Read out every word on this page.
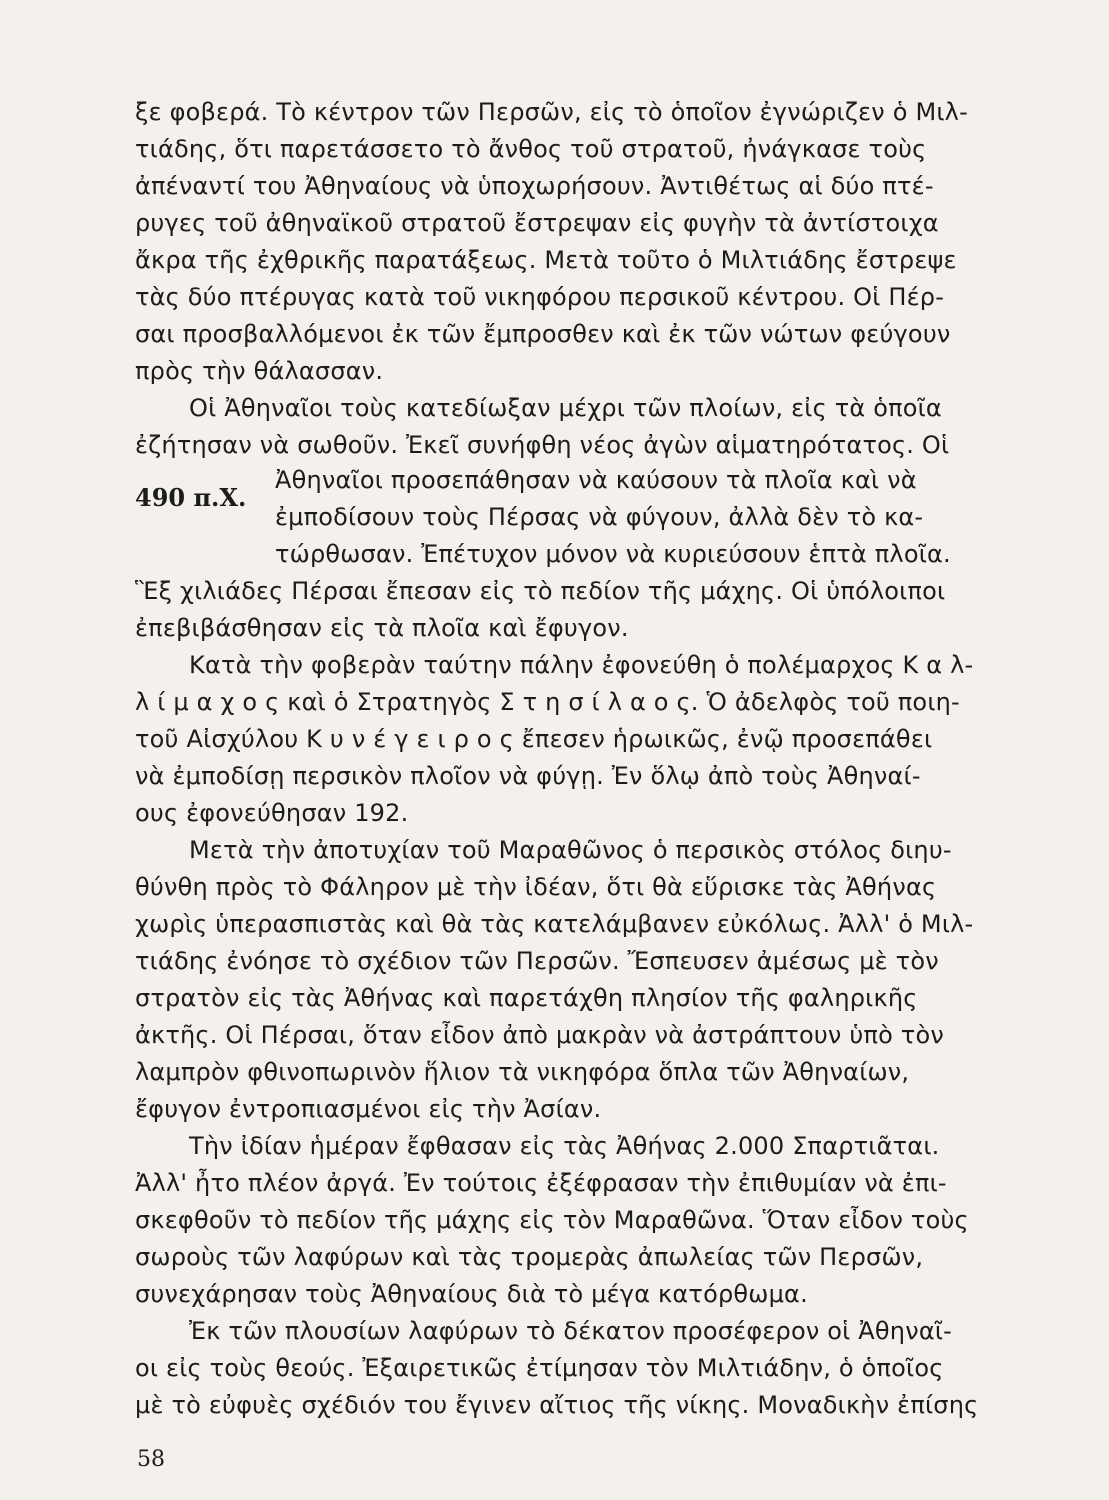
ξε φοβερά. Τὸ κέντρον τῶν Περσῶν, εἰς τὸ ὁποῖον ἐγνώριζεν ὁ Μιλ-
τιάδης, ὅτι παρετάσσετο τὸ ἄνθος τοῦ στρατοῦ, ἠνάγκασε τοὺς
ἀπέναντί του Ἀθηναίους νὰ ὑποχωρήσουν. Ἀντιθέτως αἱ δύο πτέ-
ρυγες τοῦ ἀθηναϊκοῦ στρατοῦ ἔστρεψαν εἰς φυγὴν τὰ ἀντίστοιχα
ἄκρα τῆς ἐχθρικῆς παρατάξεως. Μετὰ τοῦτο ὁ Μιλτιάδης ἔστρεψε
τὰς δύο πτέρυγας κατὰ τοῦ νικηφόρου περσικοῦ κέντρου. Οἱ Πέρ-
σαι προσβαλλόμενοι ἐκ τῶν ἔμπροσθεν καὶ ἐκ τῶν νώτων φεύγουν
πρὸς τὴν θάλασσαν.
Οἱ Ἀθηναῖοι τοὺς κατεδίωξαν μέχρι τῶν πλοίων, εἰς τὰ ὁποῖα
ἐζήτησαν νὰ σωθοῦν. Ἐκεῖ συνήφθη νέος ἀγὼν αἱματηρότατος. Οἱ
Ἀθηναῖοι προσεπάθησαν νὰ καύσουν τὰ πλοῖα καὶ νὰ
ἐμποδίσουν τοὺς Πέρσας νὰ φύγουν, ἀλλὰ δὲν τὸ κα-
τώρθωσαν. Ἐπέτυχον μόνον νὰ κυριεύσουν ἑπτὰ πλοῖα.
Ἓξ χιλιάδες Πέρσαι ἔπεσαν εἰς τὸ πεδίον τῆς μάχης. Οἱ ὑπόλοιποι
ἐπεβιβάσθησαν εἰς τὰ πλοῖα καὶ ἔφυγον.
Κατὰ τὴν φοβερὰν ταύτην πάλην ἐφονεύθη ὁ πολέμαρχος Κ α λ-
λ ί μ α χ ο ς καὶ ὁ Στρατηγὸς Σ τ η σ ί λ α ο ς. Ὁ ἀδελφὸς τοῦ ποιη-
τοῦ Αἰσχύλου Κ υ ν έ γ ε ι ρ ο ς ἔπεσεν ἡρωικῶς, ἐνῷ προσεπάθει
νὰ ἐμποδίσῃ περσικὸν πλοῖον νὰ φύγῃ. Ἐν ὅλῳ ἀπὸ τοὺς Ἀθηναί-
ους ἐφονεύθησαν 192.
Μετὰ τὴν ἀποτυχίαν τοῦ Μαραθῶνος ὁ περσικὸς στόλος διηυ-
θύνθη πρὸς τὸ Φάληρον μὲ τὴν ἰδέαν, ὅτι θὰ εὕρισκε τὰς Ἀθήνας
χωρὶς ὑπερασπιστὰς καὶ θὰ τὰς κατελάμβανεν εὐκόλως. Ἀλλ' ὁ Μιλ-
τιάδης ἐνόησε τὸ σχέδιον τῶν Περσῶν. Ἔσπευσεν ἀμέσως μὲ τὸν
στρατὸν εἰς τὰς Ἀθήνας καὶ παρετάχθη πλησίον τῆς φαληρικῆς
ἀκτῆς. Οἱ Πέρσαι, ὅταν εἶδον ἀπὸ μακρὰν νὰ ἀστράπτουν ὑπὸ τὸν
λαμπρὸν φθινοπωρινὸν ἥλιον τὰ νικηφόρα ὅπλα τῶν Ἀθηναίων,
ἔφυγον ἐντροπιασμένοι εἰς τὴν Ἀσίαν.
Τὴν ἰδίαν ἡμέραν ἔφθασαν εἰς τὰς Ἀθήνας 2.000 Σπαρτιᾶται.
Ἀλλ' ἦτο πλέον ἀργά. Ἐν τούτοις ἐξέφρασαν τὴν ἐπιθυμίαν νὰ ἐπι-
σκεφθοῦν τὸ πεδίον τῆς μάχης εἰς τὸν Μαραθῶνα. Ὅταν εἶδον τοὺς
σωροὺς τῶν λαφύρων καὶ τὰς τρομερὰς ἀπωλείας τῶν Περσῶν,
συνεχάρησαν τοὺς Ἀθηναίους διὰ τὸ μέγα κατόρθωμα.
Ἐκ τῶν πλουσίων λαφύρων τὸ δέκατον προσέφερον οἱ Ἀθηναῖ-
οι εἰς τοὺς θεούς. Ἐξαιρετικῶς ἐτίμησαν τὸν Μιλτιάδην, ὁ ὁποῖος
μὲ τὸ εὐφυὲς σχέδιόν του ἔγινεν αἴτιος τῆς νίκης. Μοναδικὴν ἐπίσης
490 π.Χ.
58
